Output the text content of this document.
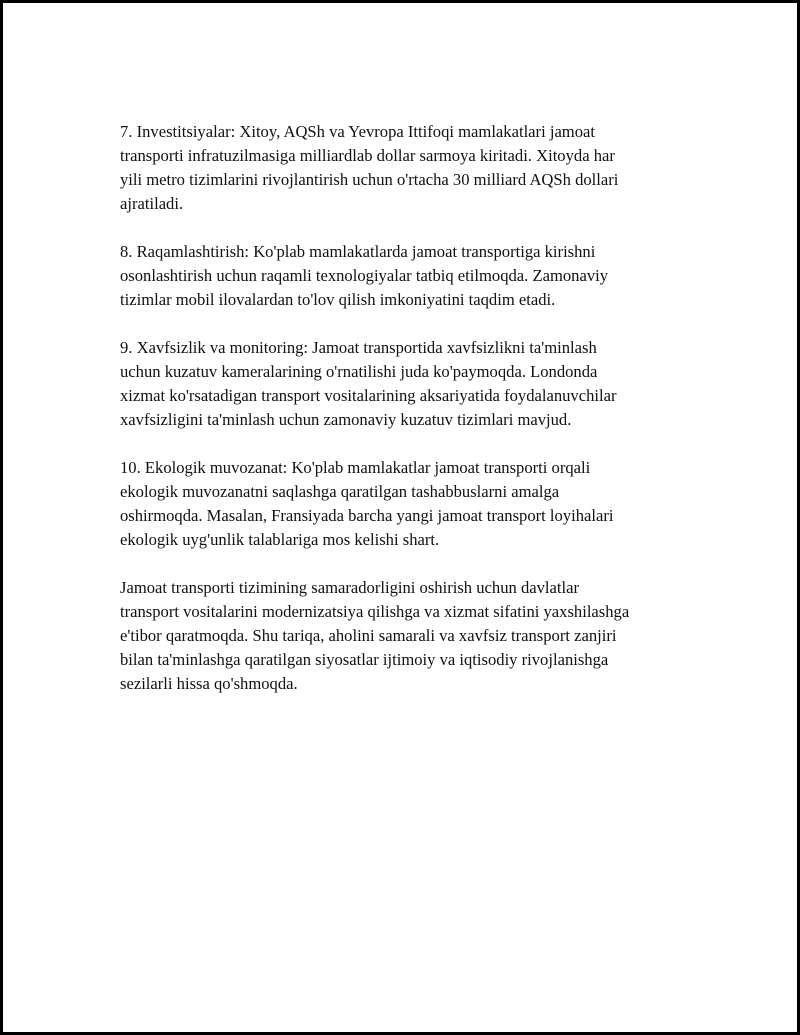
7. Investitsiyalar: Xitoy, AQSh va Yevropa Ittifoqi mamlakatlari jamoat
transporti infratuzilmasiga milliardlab dollar sarmoya kiritadi. Xitoyda har
yili metro tizimlarini rivojlantirish uchun o'rtacha 30 milliard AQSh dollari
ajratiladi.

8. Raqamlashtirish: Ko'plab mamlakatlarda jamoat transportiga kirishni
osonlashtirish uchun raqamli texnologiyalar tatbiq etilmoqda. Zamonaviy
tizimlar mobil ilovalardan to'lov qilish imkoniyatini taqdim etadi.

9. Xavfsizlik va monitoring: Jamoat transportida xavfsizlikni ta'minlash
uchun kuzatuv kameralarining o'rnatilishi juda ko'paymoqda. Londonda
xizmat ko'rsatadigan transport vositalarining aksariyatida foydalanuvchilar
xavfsizligini ta'minlash uchun zamonaviy kuzatuv tizimlari mavjud.

10. Ekologik muvozanat: Ko'plab mamlakatlar jamoat transporti orqali
ekologik muvozanatni saqlashga qaratilgan tashabbuslarni amalga
oshirmoqda. Masalan, Fransiyada barcha yangi jamoat transport loyihalari
ekologik uyg'unlik talablariga mos kelishi shart.

Jamoat transporti tizimining samaradorligini oshirish uchun davlatlar
transport vositalarini modernizatsiya qilishga va xizmat sifatini yaxshilashga
e'tibor qaratmoqda. Shu tariqa, aholini samarali va xavfsiz transport zanjiri
bilan ta'minlashga qaratilgan siyosatlar ijtimoiy va iqtisodiy rivojlanishga
sezilarli hissa qo'shmoqda.
